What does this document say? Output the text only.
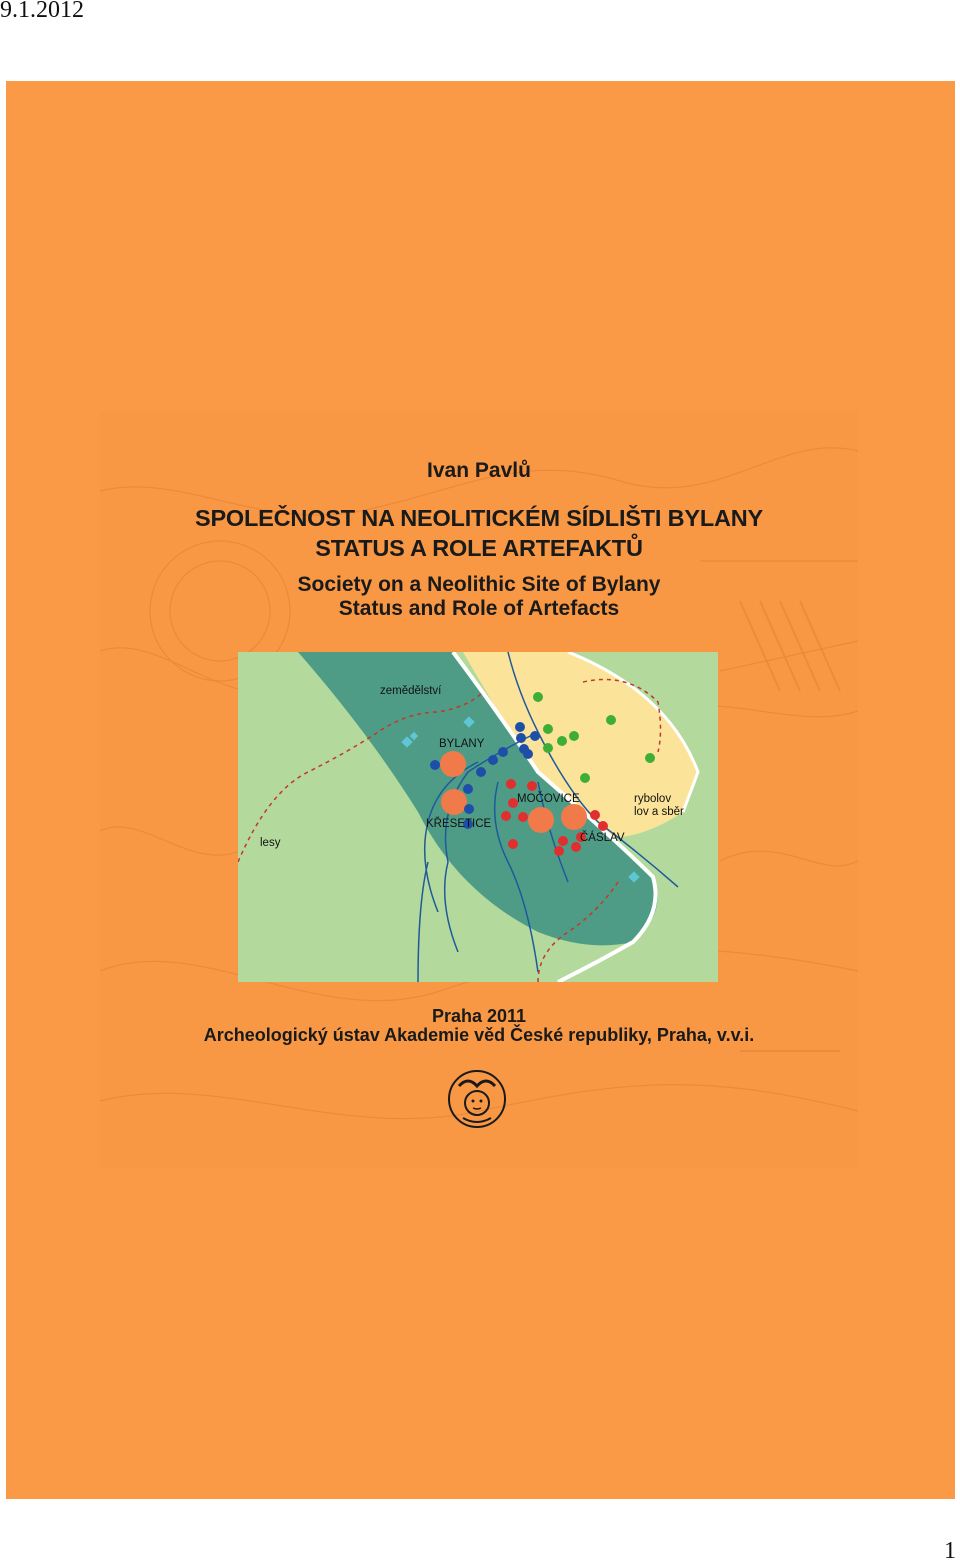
9.1.2012
Ivan Pavlů
SPOLEČNOST NA NEOLITICKÉM SÍDLIŠTI BYLANY
STATUS A ROLE ARTEFAKTŮ
Society on a Neolithic Site of Bylany
Status and Role of Artefacts
zemědělství
BYLANY
MOČOVICE
KŘESETICE
ČÁSLAV
rybolov
lov a sběr
lesy
Praha 2011
Archeologický ústav Akademie věd České republiky, Praha, v.v.i.
1
